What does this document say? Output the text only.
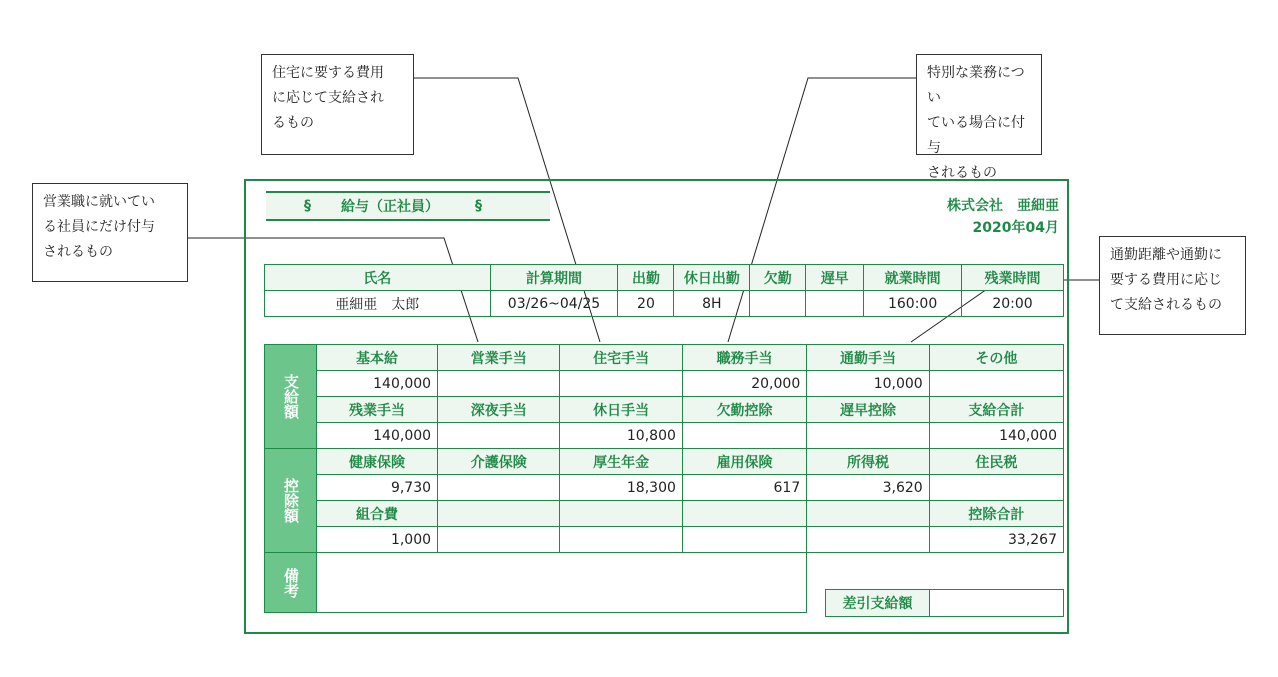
住宅に要する費用
に応じて支給され
るもの
特別な業務につい
ている場合に付与
されるもの
営業職に就いてい
る社員にだけ付与
されるもの	通勤距離や通勤に
要する費用に応じ
て支給されるもの
§ 給与（正社員）	§	株式会社　亜細亜
2020年04月
氏名	計算期間	出勤	休日出勤	欠勤	遅早	就業時間	残業時間
亜細亜　太郎	03/26~04/25	20	8H			160:00	20:00
支給額	基本給	営業手当	住宅手当	職務手当	通勤手当	その他
	140,000			20,000	10,000	
	残業手当	深夜手当	休日手当	欠勤控除	遅早控除	支給合計
	140,000		10,800			140,000
控除額	健康保険	介護保険	厚生年金	雇用保険	所得税	住民税
	9,730		18,300	617	3,620	
	組合費					控除合計
	1,000					33,267
備考						
差引支給額
